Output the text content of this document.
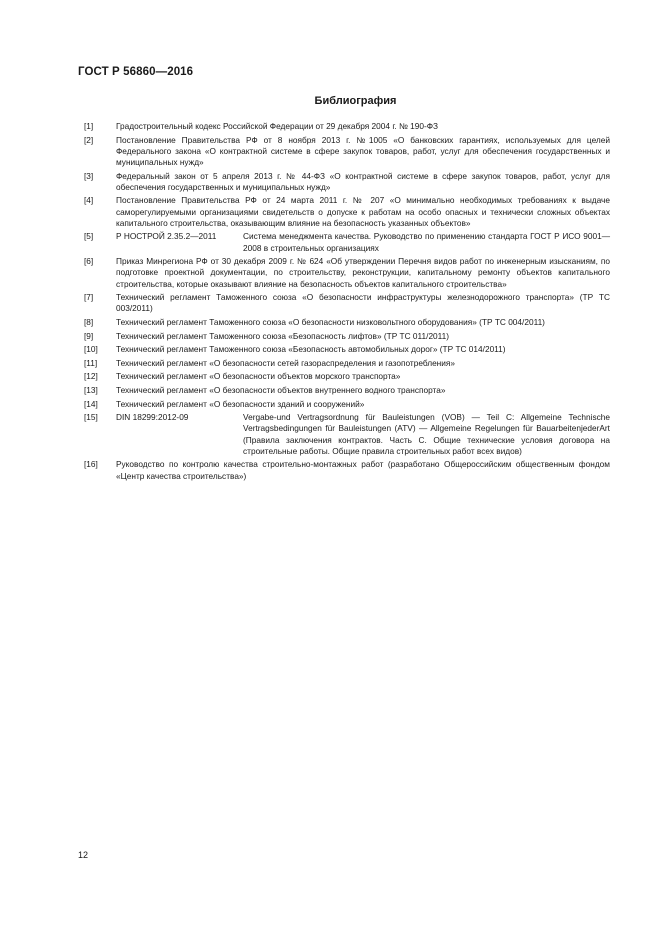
ГОСТ Р 56860—2016
Библиография
[1]	Градостроительный кодекс Российской Федерации от 29 декабря 2004 г. № 190-ФЗ
[2]	Постановление Правительства РФ от 8 ноября 2013 г. №1005 «О банковских гарантиях, используемых для целей Федерального закона «О контрактной системе в сфере закупок товаров, работ, услуг для обеспечения государственных и муниципальных нужд»
[3]	Федеральный закон от 5 апреля 2013 г. № 44-ФЗ «О контрактной системе в сфере закупок товаров, работ, услуг для обеспечения государственных и муниципальных нужд»
[4]	Постановление Правительства РФ от 24 марта 2011 г. № 207 «О минимально необходимых требованиях к выдаче саморегулируемыми организациями свидетельств о допуске к работам на особо опасных и технически сложных объектах капитального строительства, оказывающим влияние на безопасность указанных объектов»
[5]	Р НОСТРОЙ 2.35.2—2011	Система менеджмента качества. Руководство по применению стандарта ГОСТ Р ИСО 9001—2008 в строительных организациях
[6]	Приказ Минрегиона РФ от 30 декабря 2009 г. № 624 «Об утверждении Перечня видов работ по инженерным изысканиям, по подготовке проектной документации, по строительству, реконструкции, капитальному ремонту объектов капитального строительства, которые оказывают влияние на безопасность объектов капитального строительства»
[7]	Технический регламент Таможенного союза «О безопасности инфраструктуры железнодорожного транспорта» (ТР ТС 003/2011)
[8]	Технический регламент Таможенного союза «О безопасности низковольтного оборудования» (ТР ТС 004/2011)
[9]	Технический регламент Таможенного союза «Безопасность лифтов» (ТР ТС 011/2011)
[10]	Технический регламент Таможенного союза «Безопасность автомобильных дорог» (ТР ТС 014/2011)
[11]	Технический регламент «О безопасности сетей газораспределения и газопотребления»
[12]	Технический регламент «О безопасности объектов морского транспорта»
[13]	Технический регламент «О безопасности объектов внутреннего водного транспорта»
[14]	Технический регламент «О безопасности зданий и сооружений»
[15]	DIN 18299:2012-09	Vergabe-und Vertragsordnung für Bauleistungen (VOB) — Teil C: Allgemeine Technische Vertragsbedingungen für Bauleistungen (ATV) — Allgemeine Regelungen für BauarbeitenjederArt (Правила заключения контрактов. Часть С. Общие технические условия договора на строительные работы. Общие правила строительных работ всех видов)
[16]	Руководство по контролю качества строительно-монтажных работ (разработано Общероссийским общественным фондом «Центр качества строительства»)
12
